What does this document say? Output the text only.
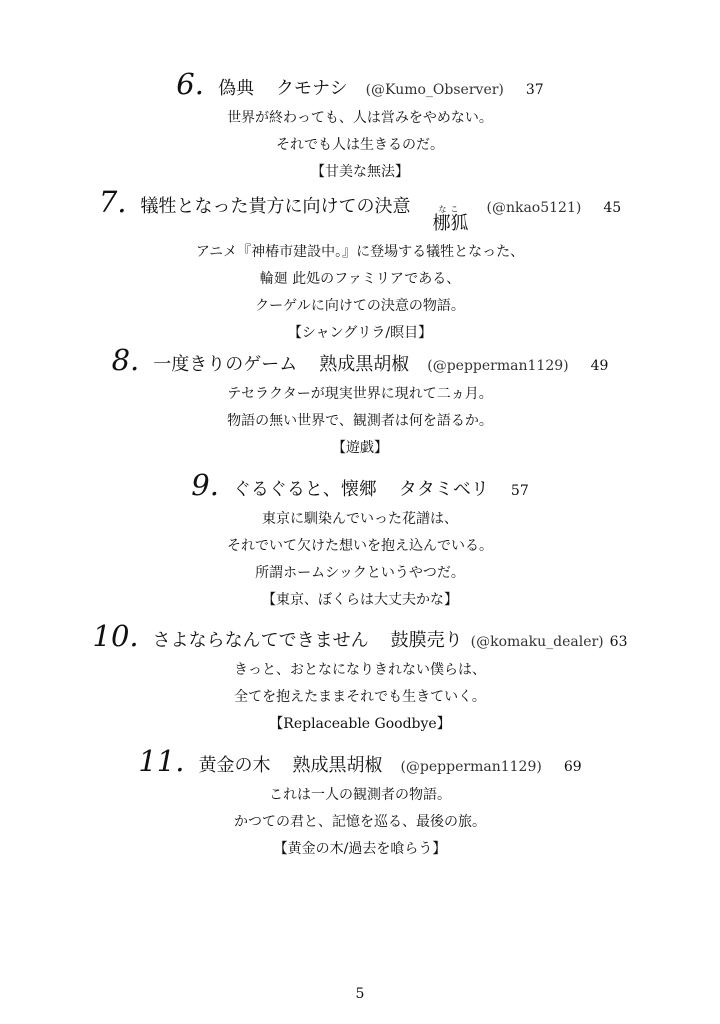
6. 偽典 クモナシ (@Kumo_Observer) 37
世界が終わっても、人は営みをやめない。
それでも人は生きるのだ。
【甘美な無法】
7. 犠牲となった貴方に向けての決意	なこ
梛狐
(@nkao5121) 45
アニメ『神椿市建設中。』に登場する犠牲となった、
輪廻 此処のファミリアである、
クーゲルに向けての決意の物語。
【シャングリラ/瞑目】
8. 一度きりのゲーム 熟成黒胡椒 (@pepperman1129) 49
テセラクターが現実世界に現れて二ヵ月。
物語の無い世界で、観測者は何を語るか。
【遊戯】
9. ぐるぐると、懐郷 タタミベリ 57
東京に馴染んでいった花譜は、
それでいて欠けた想いを抱え込んでいる。
所謂ホームシックというやつだ。
【東京、ぼくらは大丈夫かな】
10. さよならなんてできません 鼓膜売り (@komaku_dealer) 63
きっと、おとなになりきれない僕らは、
全てを抱えたままそれでも生きていく。
【Replaceable Goodbye】
11. 黄金の木 熟成黒胡椒 (@pepperman1129) 69
これは一人の観測者の物語。
かつての君と、記憶を巡る、最後の旅。
【黄金の木/過去を喰らう】
5
